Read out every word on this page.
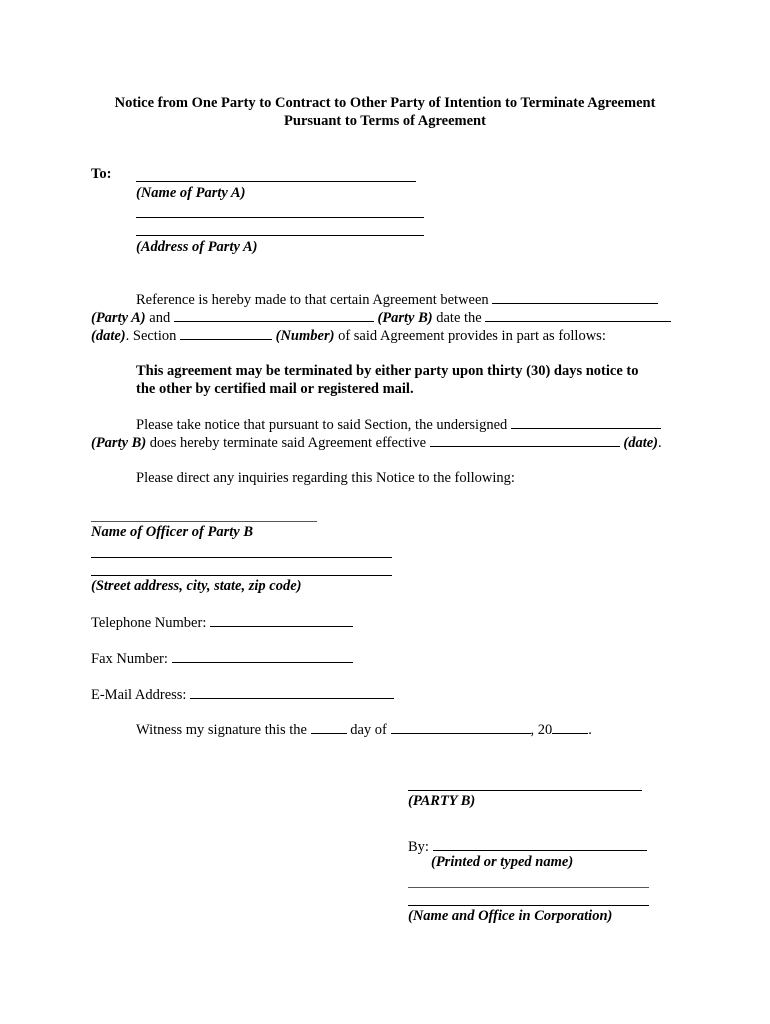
Notice from One Party to Contract to Other Party of Intention to Terminate Agreement
Pursuant to Terms of Agreement
To:
(Name of Party A)
(Address of Party A)
Reference is hereby made to that certain Agreement between
(Party A) and	(Party B) date the
(date). Section	(Number) of said Agreement provides in part as follows:
This agreement may be terminated by either party upon thirty (30) days notice to
the other by certified mail or registered mail.
Please take notice that pursuant to said Section, the undersigned
(Party B) does hereby terminate said Agreement effective	(date).
Please direct any inquiries regarding this Notice to the following:
Name of Officer of Party B
(Street address, city, state, zip code)
Telephone Number:
Fax Number:
E-Mail Address:
Witness my signature this the  day of	, 20 .
(PARTY B)
By:
(Printed or typed name)
(Name and Office in Corporation)
